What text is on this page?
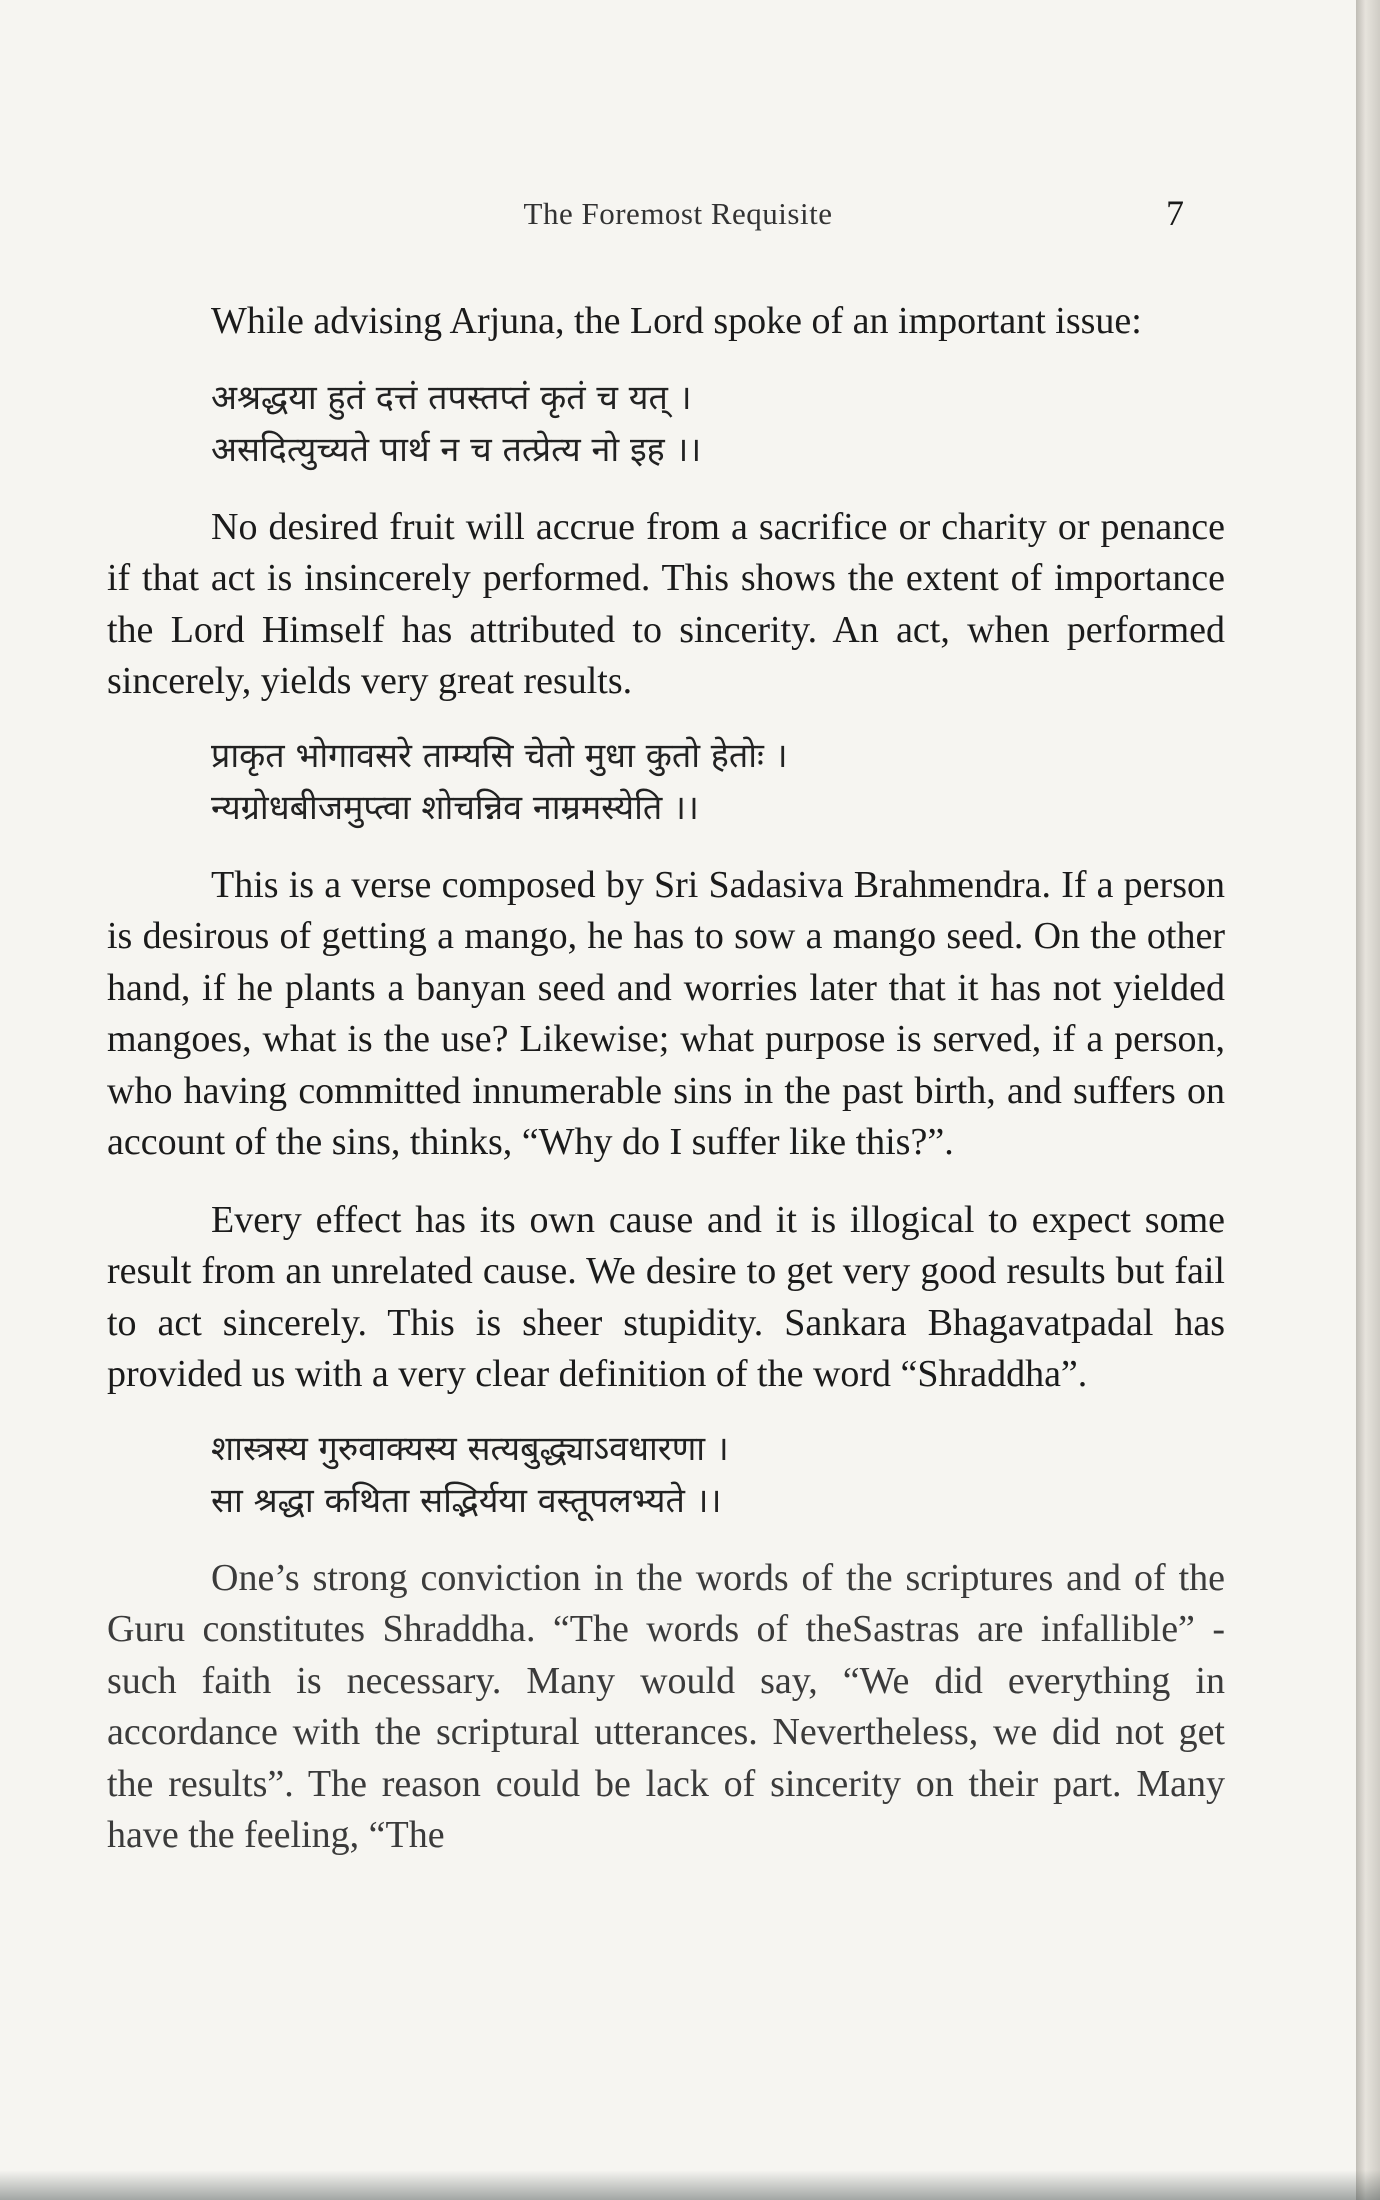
The Foremost Requisite	7

While advising Arjuna, the Lord spoke of an important issue:

अश्रद्धया हुतं दत्तं तपस्तप्तं कृतं च यत् ।
असदित्युच्यते पार्थ न च तत्प्रेत्य नो इह ।।

No desired fruit will accrue from a sacrifice or charity or penance if that act is insincerely performed. This shows the extent of importance the Lord Himself has attributed to sincerity. An act, when performed sincerely, yields very great results.

प्राकृत भोगावसरे ताम्यसि चेतो मुधा कुतो हेतोः ।
न्यग्रोधबीजमुप्त्वा शोचन्निव नाम्रमस्येति ।।

This is a verse composed by Sri Sadasiva Brahmendra. If a person is desirous of getting a mango, he has to sow a mango seed. On the other hand, if he plants a banyan seed and worries later that it has not yielded mangoes, what is the use? Likewise; what purpose is served, if a person, who having committed innumerable sins in the past birth, and suffers on account of the sins, thinks, “Why do I suffer like this?”.

Every effect has its own cause and it is illogical to expect some result from an unrelated cause. We desire to get very good results but fail to act sincerely. This is sheer stupidity. Sankara Bhagavatpadal has provided us with a very clear definition of the word “Shraddha”.

शास्त्रस्य गुरुवाक्यस्य सत्यबुद्ध्याऽवधारणा ।
सा श्रद्धा कथिता सद्भिर्यया वस्तूपलभ्यते ।।

One’s strong conviction in the words of the scriptures and of the Guru constitutes Shraddha. “The words of theSastras are infallible” - such faith is necessary. Many would say, “We did everything in accordance with the scriptural utterances. Nevertheless, we did not get the results”. The reason could be lack of sincerity on their part. Many have the feeling, “The
